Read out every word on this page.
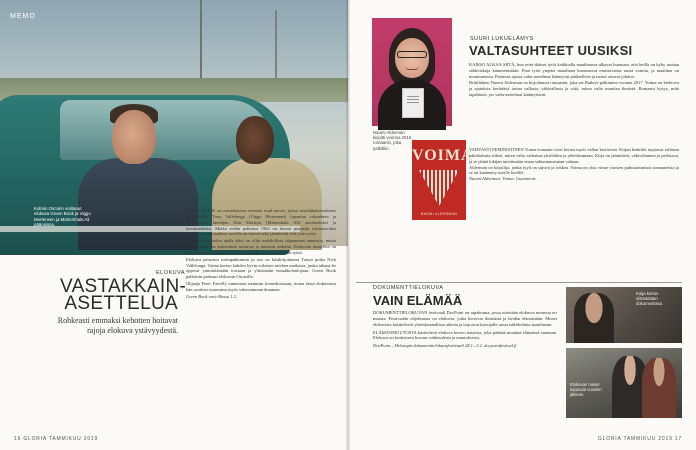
MEMO
Kolmin Oscarin voittanut elokuva Green Book ja Viggo Mortensen ja Mahershala Ali pääosissa.
ELOKUVA
VASTAKKAIN-ASETTELUA
Rohkeasti emmaksi kehotten hoitavat rajoja elokuva ystävyydestä.

GREEN BOOK on mustalaisena miesten road movie, joissa amerikkalaisiaistens kovemmiksi Tony Vallelonga (Viggo Mortensen) lupautuu rakaahnen ja pianistilleen kiertäjän Don Shirleyn (Mahershala Ali) autokuskiksi ja turvamieheksi. Matka etelän palkassa 1962 on luonut pianistin odotettavaksi keikkaa, mutta matkan varrella on tuonut sekä jännitteitä että ystävyyttä.

Vastakkainasettelun ajalla siksi on ollut mahdollista ohjaamaan aineistoa, mutta kaikki elokuvan kohtaukset toimivat ja tuntuvat aidoilta. Elokuvan tunnelma on sekä hauska että koskettava, ja näyttelijät tekevät loistavaa työtä.

Elokuva perustuu tositapahtumiin ja sen on käsikirjoittanut Tonyn poika Nick Vallelonga. Tarina kertoo kahden hyvin erilaisen miehen matkasta, jonka aikana he oppivat ymmärtämään toisiaan ja ylittämään ennakkoluulojaan. Green Book palkittiin parhaan elokuvan Oscarilla.

Ohjaaja Peter Farrelly tunnetaan aiemmin komedioistaan, mutta tässä elokuvassa hän osoittaa osaavansa myös vakavamman draaman.

Green Book ensi-illassa 1.2.

16 GLORIA TAMMIKUU 2019
Naomi Alderman kirjoitti vuonna 2016 romaanin, joka palkittiin.	VOIMA
NAOMI ALDERMAN
SUURI LUKUELÄMYS
VALTASUHTEET UUSIKSI

KAIKKI ALKAA SIITÄ, kun teini-ikäiset tytöt kaikkialla maailmassa alkavat huomata, että heillä on kyky tuottaa sähköiskuja kämmenistään. Pian tytöt ympäri maailmaa huomaavat omistavansa uusia voimia, ja maailma on muuttumassa. Pienessä ajassa valta-asetelmat kääntyvät päälaelleen ja naiset ottavat johdon.

Brittiläinen Naomi Alderman on kirjoittanut romaanin, joka sai Baileys-palkinnon vuonna 2017. Voima on kiehtova ja ajatuksia herättävä tarina vallasta, väkivallasta ja siitä, miten valta muuttaa ihmistä. Romaani kysyy, mitä tapahtuisi, jos valta-asetelmat kääntyisivät.

VAHVASTI FEMINISTINEN Voima-romaani voisi kertoa myös vallan kierteestä. Kirjan henkilöt tarjoavat erilaisia näkökulmia siihen, miten valta vaikuttaa yksilöihin ja yhteiskuntaan. Kirja on jännittävä, väkivaltainen ja pelottava, ja se jättää lukijan miettimään omaa suhtautumistaan valtaan.

Alderman on kirjailija, jonka tyyli on sujuva ja rohkea. Voima on yksi viime vuosien puhutuimmista romaaneista ja se on käännetty useille kielille.

Naomi Alderman: Voima. Gummerus.

DOKUMENTTIELOKUVA
VAIN ELÄMÄÄ

DOKUMENTTIELOKUVAN festivaali DocPoint on tapahtuma, jossa esitetään elokuvia monesta eri maasta. Festivaalin ohjelmassa on elokuvia, jotka kertovat ihmisistä ja heidän elämästään. Monet elokuvista käsittelevät yhteiskunnallisia aiheita ja tarjoavat katsojalle uusia näkökulmia maailmaan.

ELÄMÄNMUUTOSTA käsittelevä elokuva kertoo naisesta, joka päättää muuttaa elämänsä suunnan. Elokuva on koskettava kuvaus rohkeudesta ja muutoksesta.

DocPoint – Helsingin dokumenttielokuvafestivaali 28.1.–3.2. docpointfestival.fi

Katja kertoo elämästään dokumentissa.
Elokuvan naiset tapaavat vuosien jälkeen.
GLORIA TAMMIKUU 2019 17
